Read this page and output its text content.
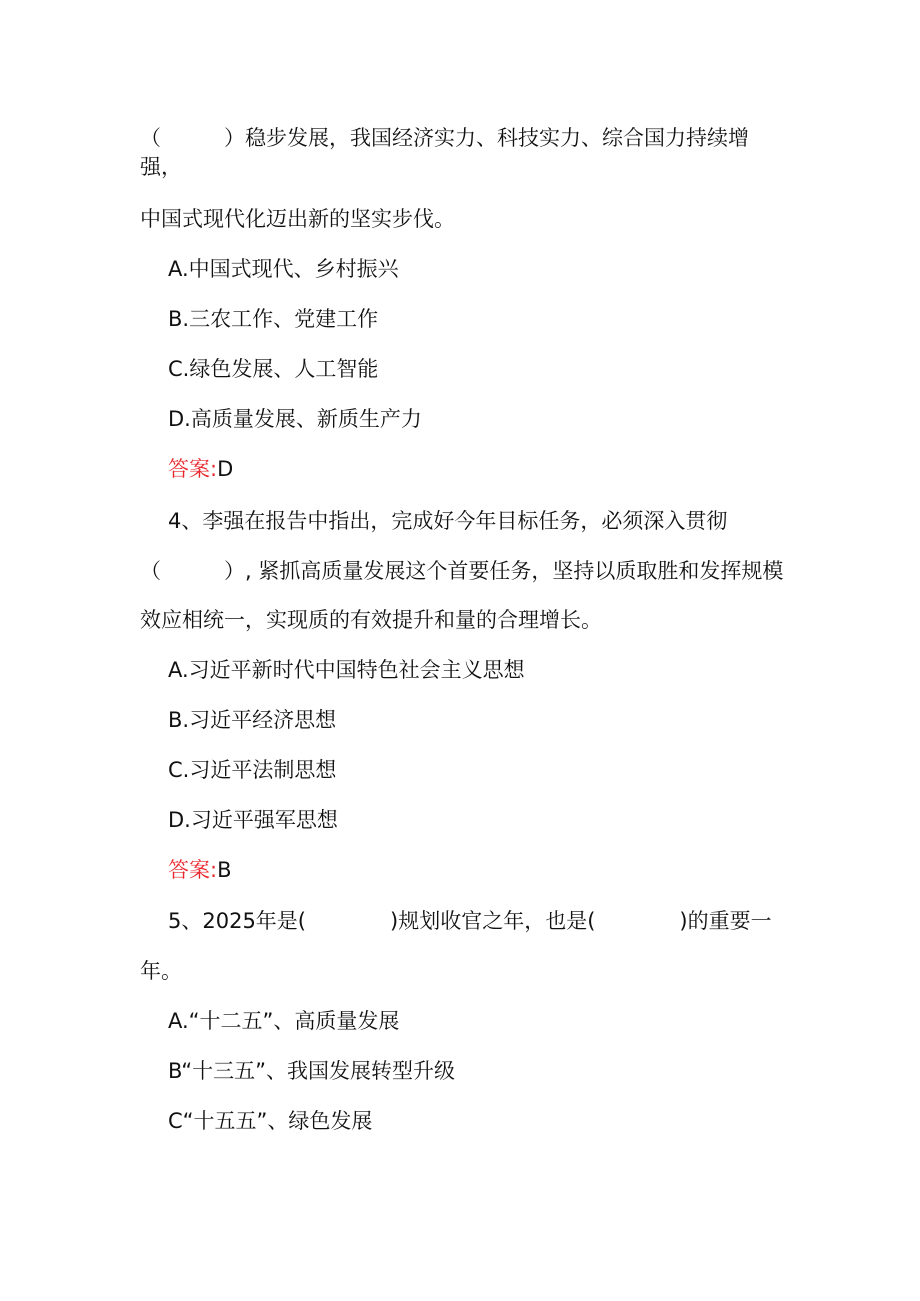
（　　　）稳步发展，我国经济实力、科技实力、综合国力持续增
强，
中国式现代化迈出新的坚实步伐。
A.中国式现代、乡村振兴
B.三农工作、党建工作
C.绿色发展、人工智能
D.高质量发展、新质生产力
答案:D
4、李强在报告中指出，完成好今年目标任务，必须深入贯彻
（　　　）, 紧抓高质量发展这个首要任务，坚持以质取胜和发挥规模
效应相统一，实现质的有效提升和量的合理增长。
A.习近平新时代中国特色社会主义思想
B.习近平经济思想
C.习近平法制思想
D.习近平强军思想
答案:B
5、2025年是(　　　　)规划收官之年，也是(　　　　)的重要一
年。
A.“十二五”、高质量发展
B“十三五”、我国发展转型升级
C“十五五”、绿色发展
